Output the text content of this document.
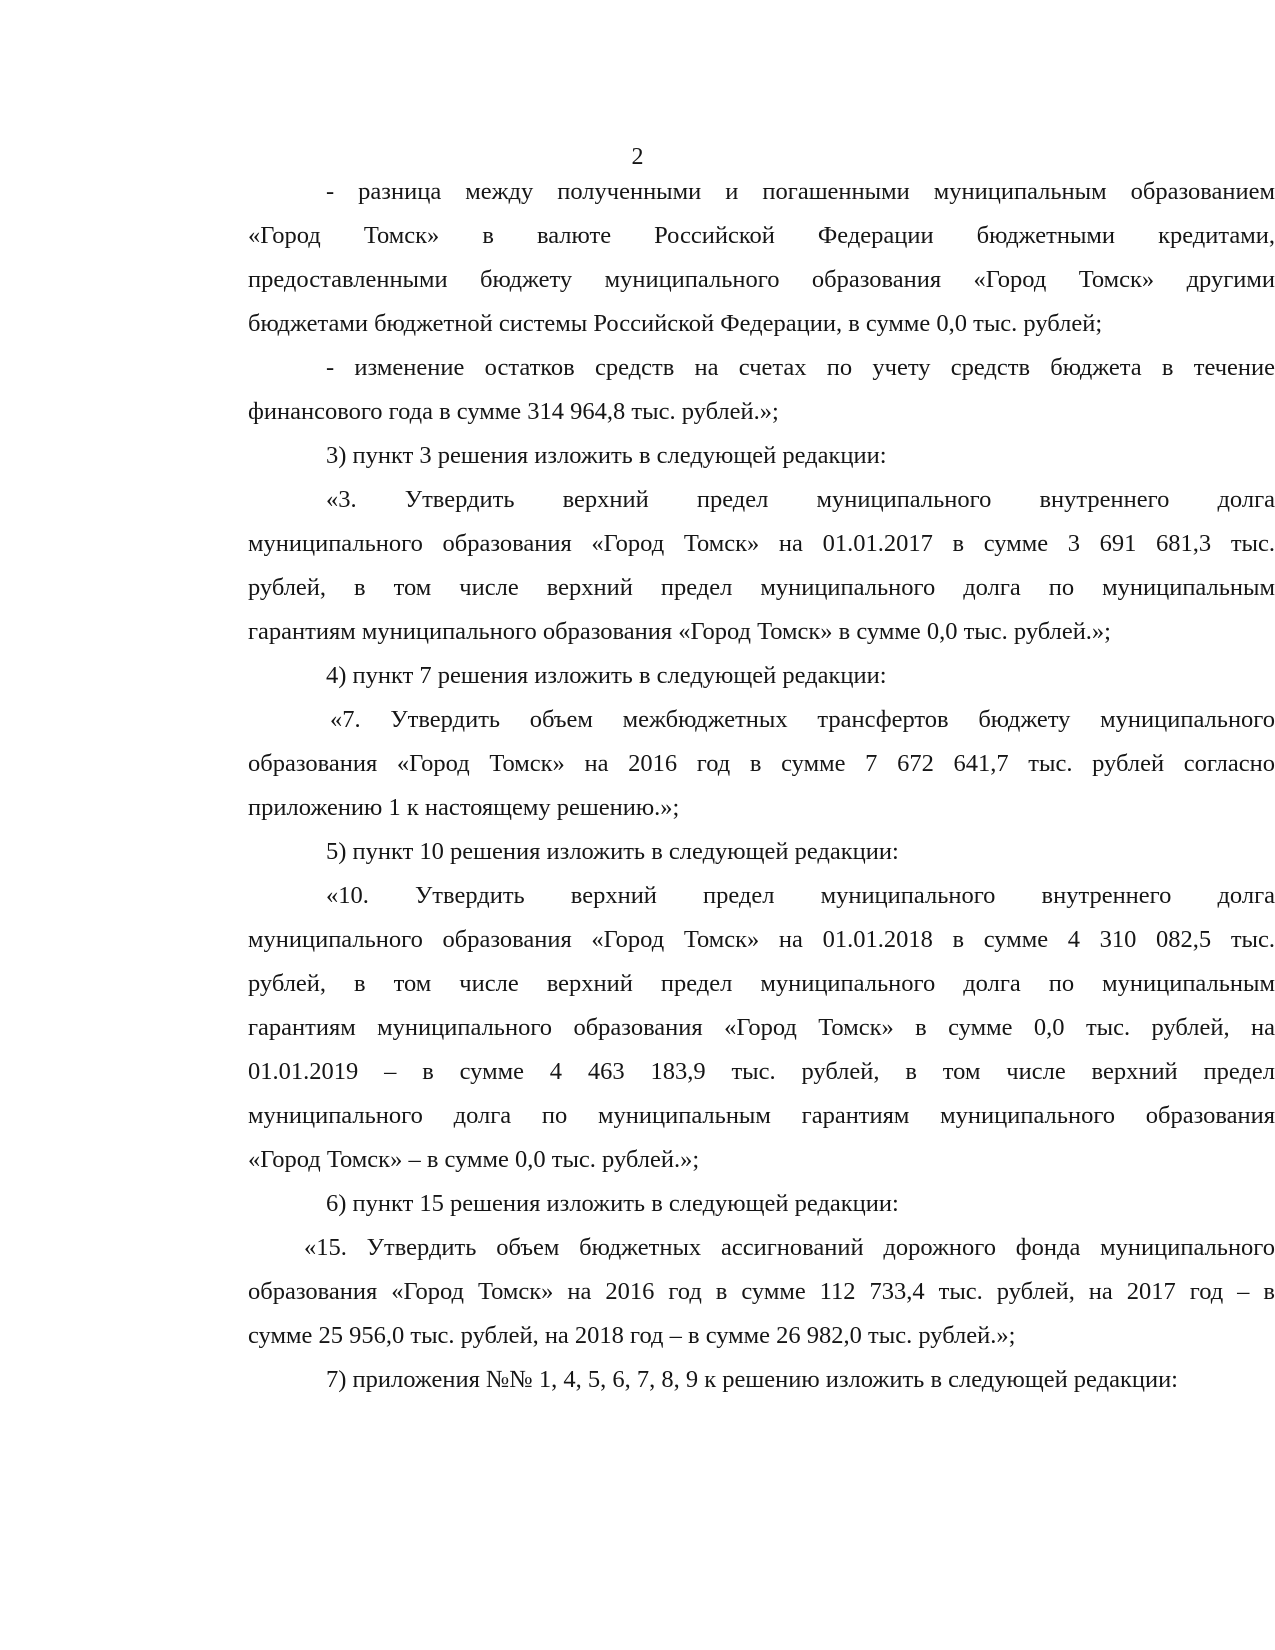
2
- разница между полученными и погашенными муниципальным образованием
«Город Томск» в валюте Российской Федерации бюджетными кредитами,
предоставленными бюджету муниципального образования «Город Томск» другими
бюджетами бюджетной системы Российской Федерации, в сумме 0,0 тыс. рублей;
- изменение остатков средств на счетах по учету средств бюджета в течение
финансового года в сумме 314 964,8 тыс. рублей.»;
3) пункт 3 решения изложить в следующей редакции:
«3. Утвердить верхний предел муниципального внутреннего долга
муниципального образования «Город Томск» на 01.01.2017 в сумме 3 691 681,3 тыс.
рублей, в том числе верхний предел муниципального долга по муниципальным
гарантиям муниципального образования «Город Томск» в сумме 0,0 тыс. рублей.»;
4) пункт 7 решения изложить в следующей редакции:
«7. Утвердить объем межбюджетных трансфертов бюджету муниципального
образования «Город Томск» на 2016 год в сумме 7 672 641,7 тыс. рублей согласно
приложению 1 к настоящему решению.»;
5) пункт 10 решения изложить в следующей редакции:
«10. Утвердить верхний предел муниципального внутреннего долга
муниципального образования «Город Томск» на 01.01.2018 в сумме 4 310 082,5 тыс.
рублей, в том числе верхний предел муниципального долга по муниципальным
гарантиям муниципального образования «Город Томск» в сумме 0,0 тыс. рублей, на
01.01.2019 – в сумме 4 463 183,9 тыс. рублей, в том числе верхний предел
муниципального долга по муниципальным гарантиям муниципального образования
«Город Томск» – в сумме 0,0 тыс. рублей.»;
6) пункт 15 решения изложить в следующей редакции:
«15. Утвердить объем бюджетных ассигнований дорожного фонда муниципального
образования «Город Томск» на 2016 год в сумме 112 733,4 тыс. рублей, на 2017 год – в
сумме 25 956,0 тыс. рублей, на 2018 год – в сумме 26 982,0 тыс. рублей.»;
7) приложения №№ 1, 4, 5, 6, 7, 8, 9 к решению изложить в следующей редакции:
